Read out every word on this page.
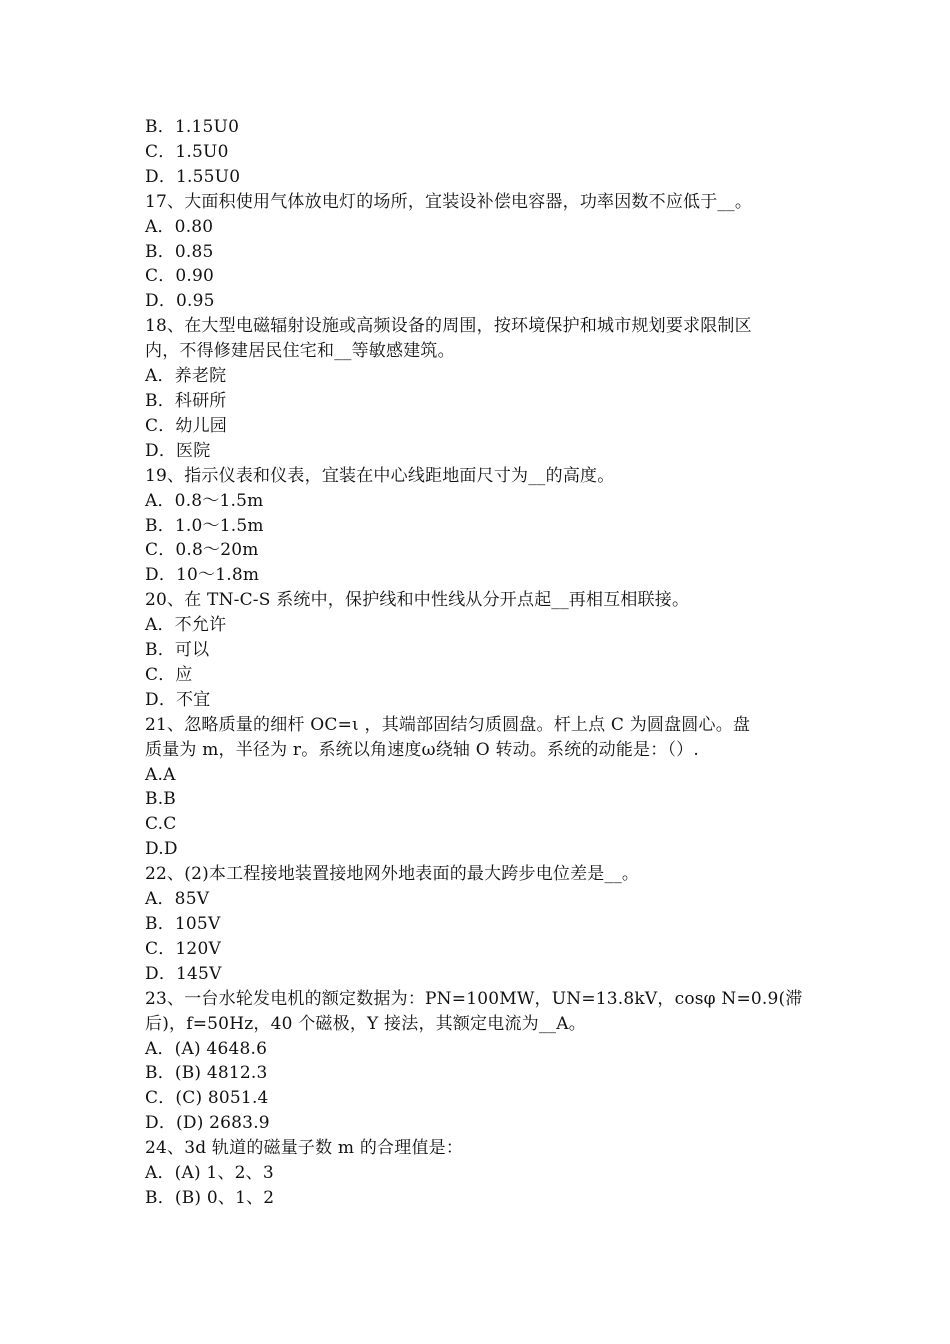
B．1.15U0
C．1.5U0
D．1.55U0
17、大面积使用气体放电灯的场所，宜装设补偿电容器，功率因数不应低于__。
A．0.80
B．0.85
C．0.90
D．0.95
18、在大型电磁辐射设施或高频设备的周围，按环境保护和城市规划要求限制区
内，不得修建居民住宅和__等敏感建筑。
A．养老院
B．科研所
C．幼儿园
D．医院
19、指示仪表和仪表，宜装在中心线距地面尺寸为__的高度。
A．0.8～1.5m
B．1.0～1.5m
C．0.8～20m
D．10～1.8m
20、在 TN-C-S 系统中，保护线和中性线从分开点起__再相互相联接。
A．不允许
B．可以
C．应
D．不宜
21、忽略质量的细杆 OC=ι ，其端部固结匀质圆盘。杆上点 C 为圆盘圆心。盘
质量为 m，半径为 r。系统以角速度ω绕轴 O 转动。系统的动能是：（）.
A.A
B.B
C.C
D.D
22、(2)本工程接地装置接地网外地表面的最大跨步电位差是__。
A．85V
B．105V
C．120V
D．145V
23、一台水轮发电机的额定数据为：PN=100MW，UN=13.8kV，cosφ N=0.9(滞
后)，f=50Hz，40 个磁极，Y 接法，其额定电流为__A。
A．(A) 4648.6
B．(B) 4812.3
C．(C) 8051.4
D．(D) 2683.9
24、3d 轨道的磁量子数 m 的合理值是：
A．(A) 1、2、3
B．(B) 0、1、2
